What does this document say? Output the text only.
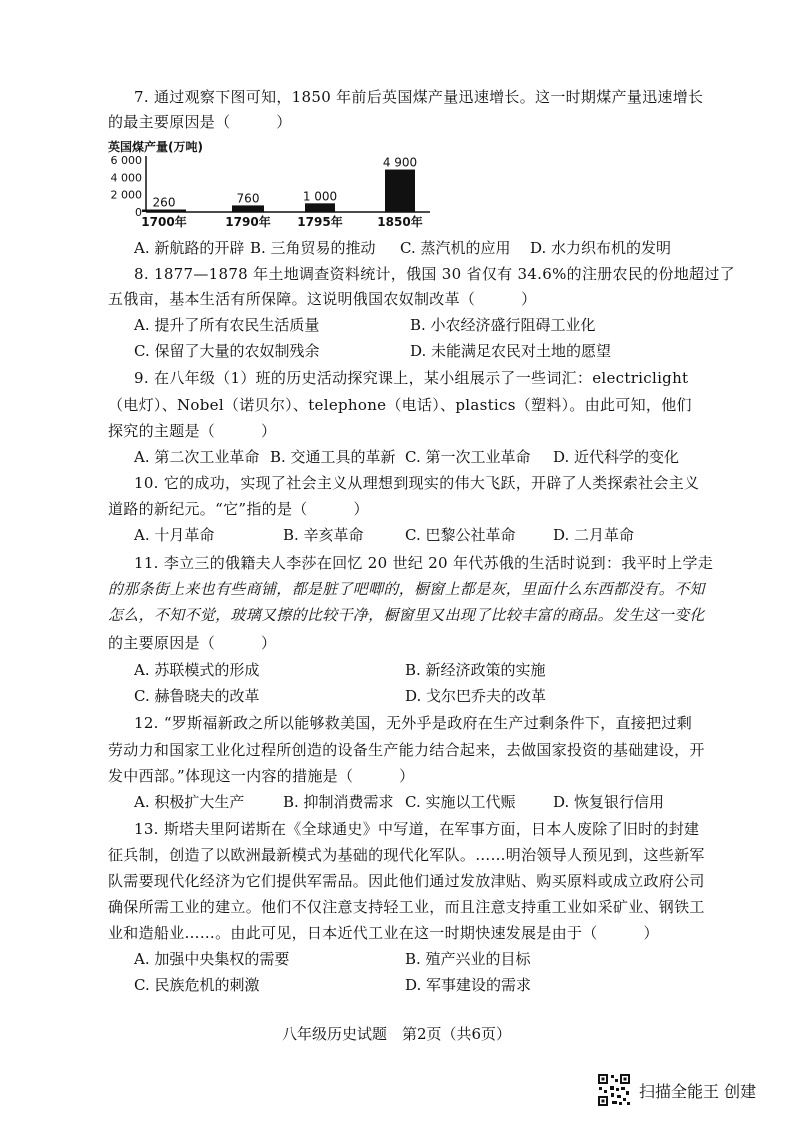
7. 通过观察下图可知，1850 年前后英国煤产量迅速增长。这一时期煤产量迅速增长
的最主要原因是（　　　）
英国煤产量(万吨)
6 000
4 000
2 000
0
260
1700年
760
1790年
1 000
1795年
4 900
1850年
A. 新航路的开辟 B. 三角贸易的推动 C. 蒸汽机的应用 D. 水力织布机的发明
8. 1877—1878 年土地调查资料统计，俄国 30 省仅有 34.6%的注册农民的份地超过了
五俄亩，基本生活有所保障。这说明俄国农奴制改革（　　　）
A. 提升了所有农民生活质量	B. 小农经济盛行阻碍工业化
C. 保留了大量的农奴制残余	D. 未能满足农民对土地的愿望
9. 在八年级（1）班的历史活动探究课上，某小组展示了一些词汇：electriclight
（电灯）、Nobel（诺贝尔）、telephone（电话）、plastics（塑料）。由此可知，他们
探究的主题是（　　　）
A. 第二次工业革命 B. 交通工具的革新 C. 第一次工业革命 D. 近代科学的变化
10. 它的成功，实现了社会主义从理想到现实的伟大飞跃，开辟了人类探索社会主义
道路的新纪元。“它”指的是（　　　）
A. 十月革命	B. 辛亥革命	C. 巴黎公社革命	D. 二月革命
11. 李立三的俄籍夫人李莎在回忆 20 世纪 20 年代苏俄的生活时说到：我平时上学走
的那条街上来也有些商铺，都是脏了吧唧的，橱窗上都是灰，里面什么东西都没有。不知
怎么，不知不觉，玻璃又擦的比较干净，橱窗里又出现了比较丰富的商品。发生这一变化
的主要原因是（　　　）
A. 苏联模式的形成	B. 新经济政策的实施
C. 赫鲁晓夫的改革	D. 戈尔巴乔夫的改革
12. “罗斯福新政之所以能够救美国，无外乎是政府在生产过剩条件下，直接把过剩
劳动力和国家工业化过程所创造的设备生产能力结合起来，去做国家投资的基础建设，开
发中西部。”体现这一内容的措施是（　　　）
A. 积极扩大生产	B. 抑制消费需求 C. 实施以工代赈	D. 恢复银行信用
13. 斯塔夫里阿诺斯在《全球通史》中写道，在军事方面，日本人废除了旧时的封建
征兵制，创造了以欧洲最新模式为基础的现代化军队。……明治领导人预见到，这些新军
队需要现代化经济为它们提供军需品。因此他们通过发放津贴、购买原料或成立政府公司
确保所需工业的建立。他们不仅注意支持轻工业，而且注意支持重工业如采矿业、钢铁工
业和造船业……。由此可见，日本近代工业在这一时期快速发展是由于（　　　）
A. 加强中央集权的需要	B. 殖产兴业的目标
C. 民族危机的刺激	D. 军事建设的需求
八年级历史试题　第2页（共6页）
扫描全能王 创建
